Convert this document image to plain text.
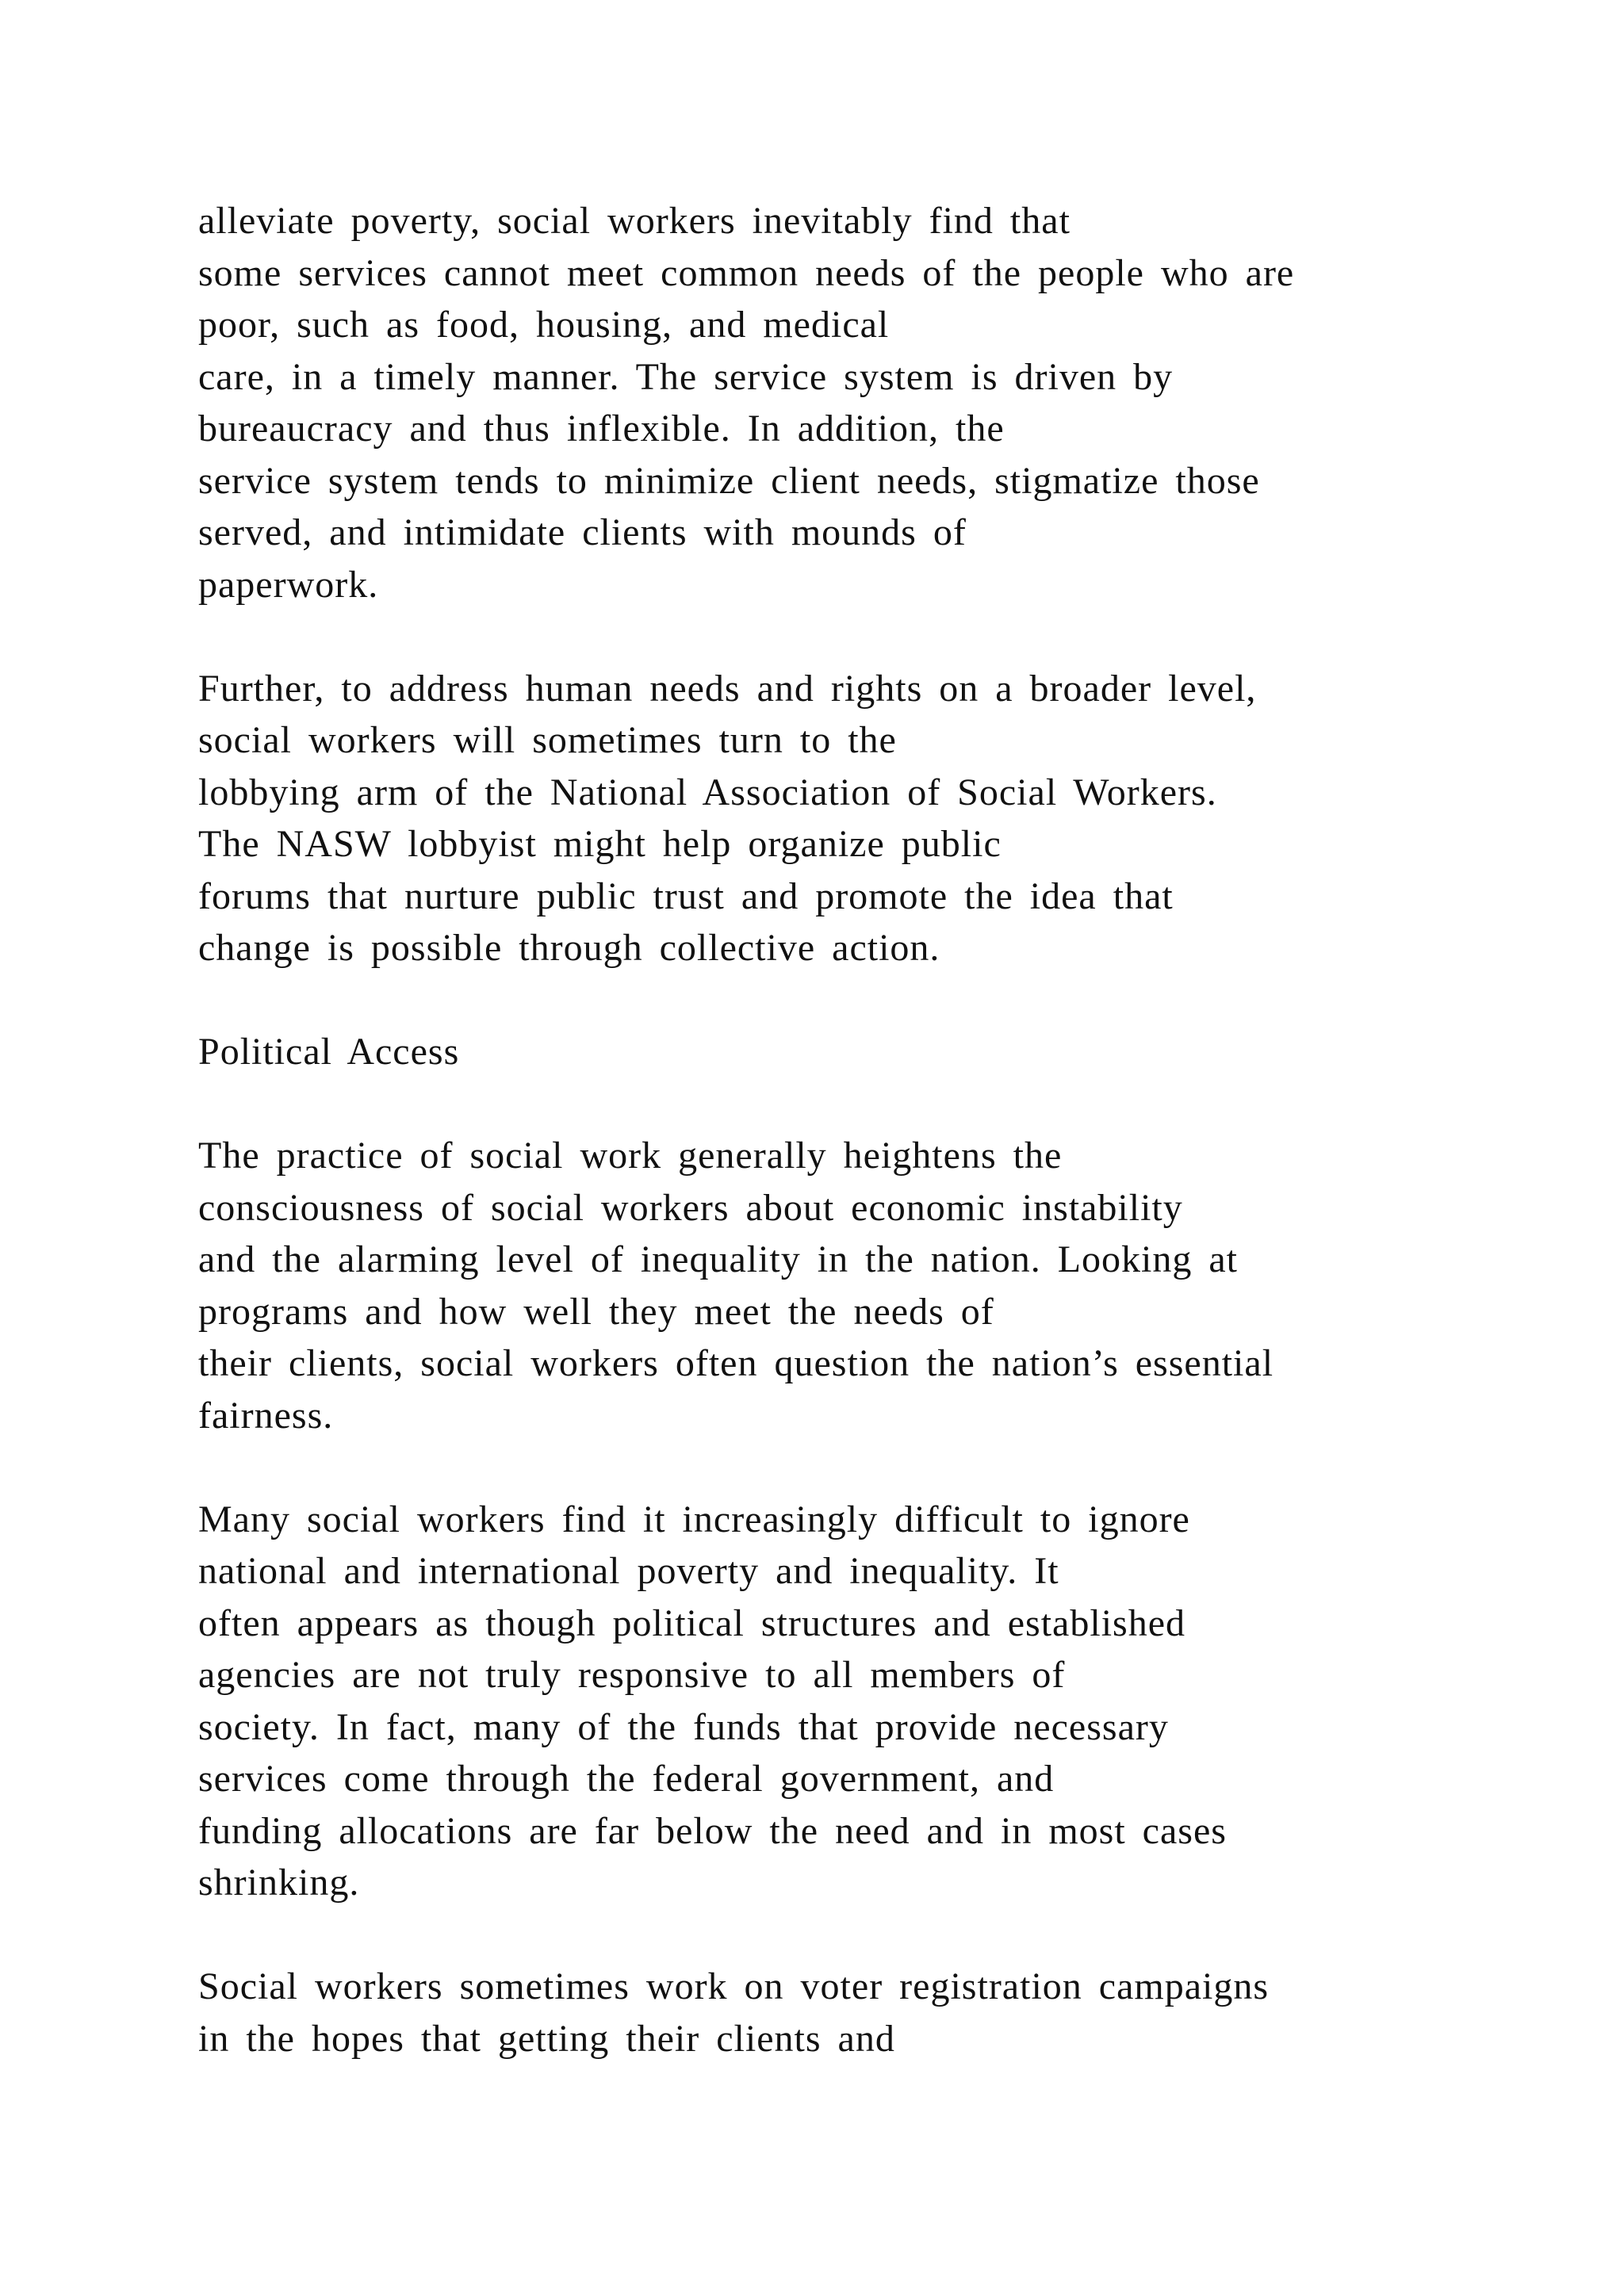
alleviate poverty, social workers inevitably find that
some services cannot meet common needs of the people who are
poor, such as food, housing, and medical
care, in a timely manner. The service system is driven by
bureaucracy and thus inflexible. In addition, the
service system tends to minimize client needs, stigmatize those
served, and intimidate clients with mounds of
paperwork.
Further, to address human needs and rights on a broader level,
social workers will sometimes turn to the
lobbying arm of the National Association of Social Workers.
The NASW lobbyist might help organize public
forums that nurture public trust and promote the idea that
change is possible through collective action.
Political Access
The practice of social work generally heightens the
consciousness of social workers about economic instability
and the alarming level of inequality in the nation. Looking at
programs and how well they meet the needs of
their clients, social workers often question the nation’s essential
fairness.
Many social workers find it increasingly difficult to ignore
national and international poverty and inequality. It
often appears as though political structures and established
agencies are not truly responsive to all members of
society. In fact, many of the funds that provide necessary
services come through the federal government, and
funding allocations are far below the need and in most cases
shrinking.
Social workers sometimes work on voter registration campaigns
in the hopes that getting their clients and
